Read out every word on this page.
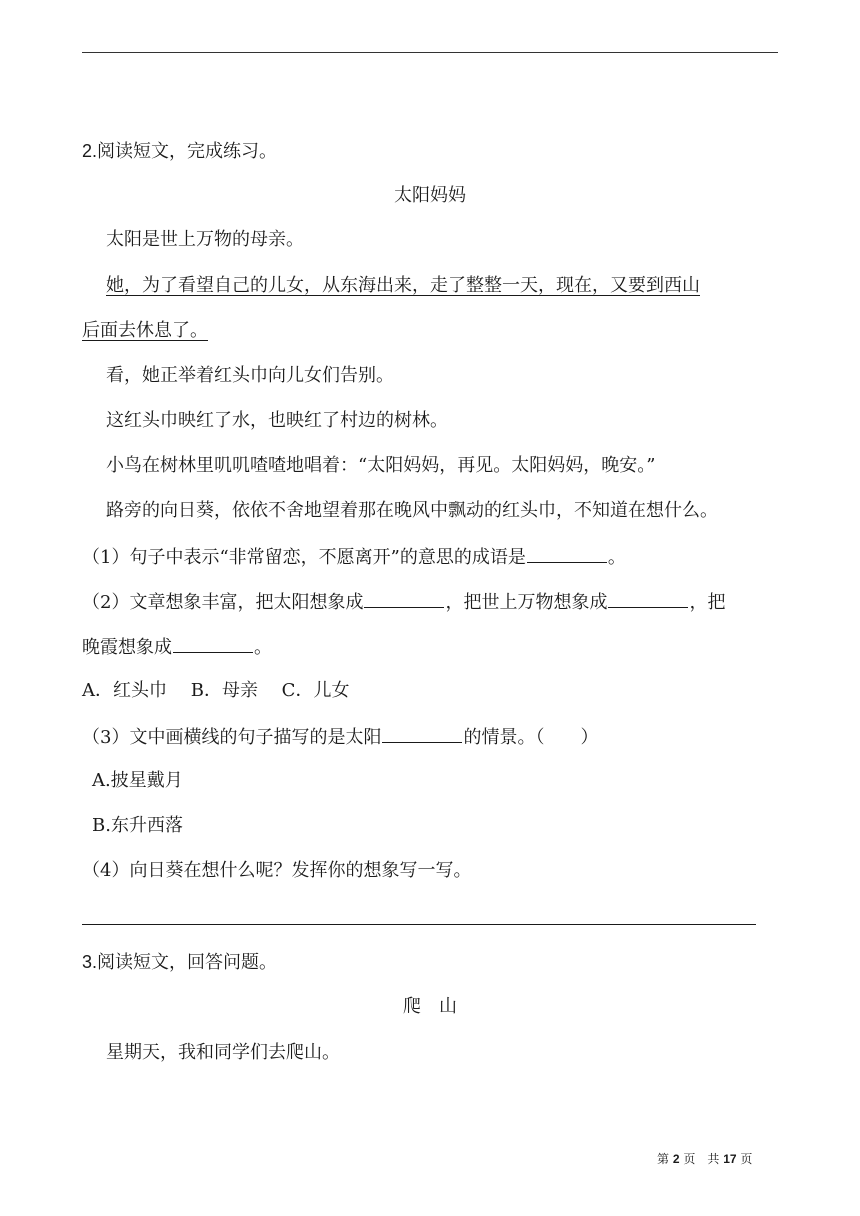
2.阅读短文，完成练习。
太阳妈妈
太阳是世上万物的母亲。
她，为了看望自己的儿女，从东海出来，走了整整一天，现在，又要到西山
后面去休息了。
看，她正举着红头巾向儿女们告别。
这红头巾映红了水，也映红了村边的树林。
小鸟在树林里叽叽喳喳地唱着：“太阳妈妈，再见。太阳妈妈，晚安。”
路旁的向日葵，依依不舍地望着那在晚风中飘动的红头巾，不知道在想什么。
（1）句子中表示“非常留恋，不愿离开”的意思的成语是	。
（2）文章想象丰富，把太阳想象成	，把世上万物想象成	，把
晚霞想象成	。
A．红头巾　 B．母亲　 C．儿女
（3）文中画横线的句子描写的是太阳	的情景。（　　）
A.披星戴月
B.东升西落
（4）向日葵在想什么呢？发挥你的想象写一写。
3.阅读短文，回答问题。
爬　山
星期天，我和同学们去爬山。
第 2 页　共 17 页
